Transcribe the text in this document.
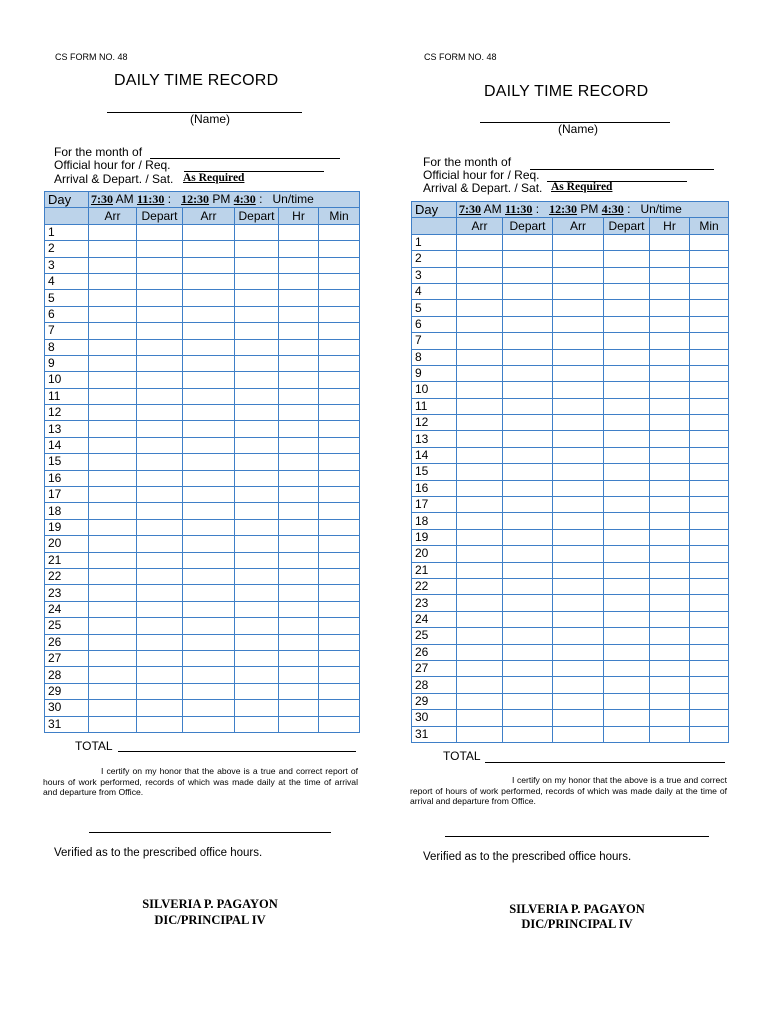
CS FORM NO. 48
DAILY TIME RECORD
(Name)
For the month of
Official hour for / Req.
Arrival & Depart. / Sat. As Required
Day	7:30 AM 11:30 : 12:30 PM 4:30 : Un/time					
	Arr	Depart	Arr	Depart	Hr	Min
1						
2						
3						
4						
5						
6						
7						
8						
9						
10						
11						
12						
13						
14						
15						
16						
17						
18						
19						
20						
21						
22						
23						
24						
25						
26						
27						
28						
29						
30						
31						
TOTAL
I certify on my honor that the above is a true and correct report of hours of work performed, records of which was made daily at the time of arrival and departure from Office.
Verified as to the prescribed office hours.
SILVERIA P. PAGAYON
DIC/PRINCIPAL IV
CS FORM NO. 48
DAILY TIME RECORD
(Name)
For the month of
Official hour for / Req.
Arrival & Depart. / Sat. As Required
Day	7:30 AM 11:30 : 12:30 PM 4:30 : Un/time					
	Arr	Depart	Arr	Depart	Hr	Min
1						
2						
3						
4						
5						
6						
7						
8						
9						
10						
11						
12						
13						
14						
15						
16						
17						
18						
19						
20						
21						
22						
23						
24						
25						
26						
27						
28						
29						
30						
31						
TOTAL
I certify on my honor that the above is a true and correct report of hours of work performed, records of which was made daily at the time of arrival and departure from Office.
Verified as to the prescribed office hours.
SILVERIA P. PAGAYON
DIC/PRINCIPAL IV
